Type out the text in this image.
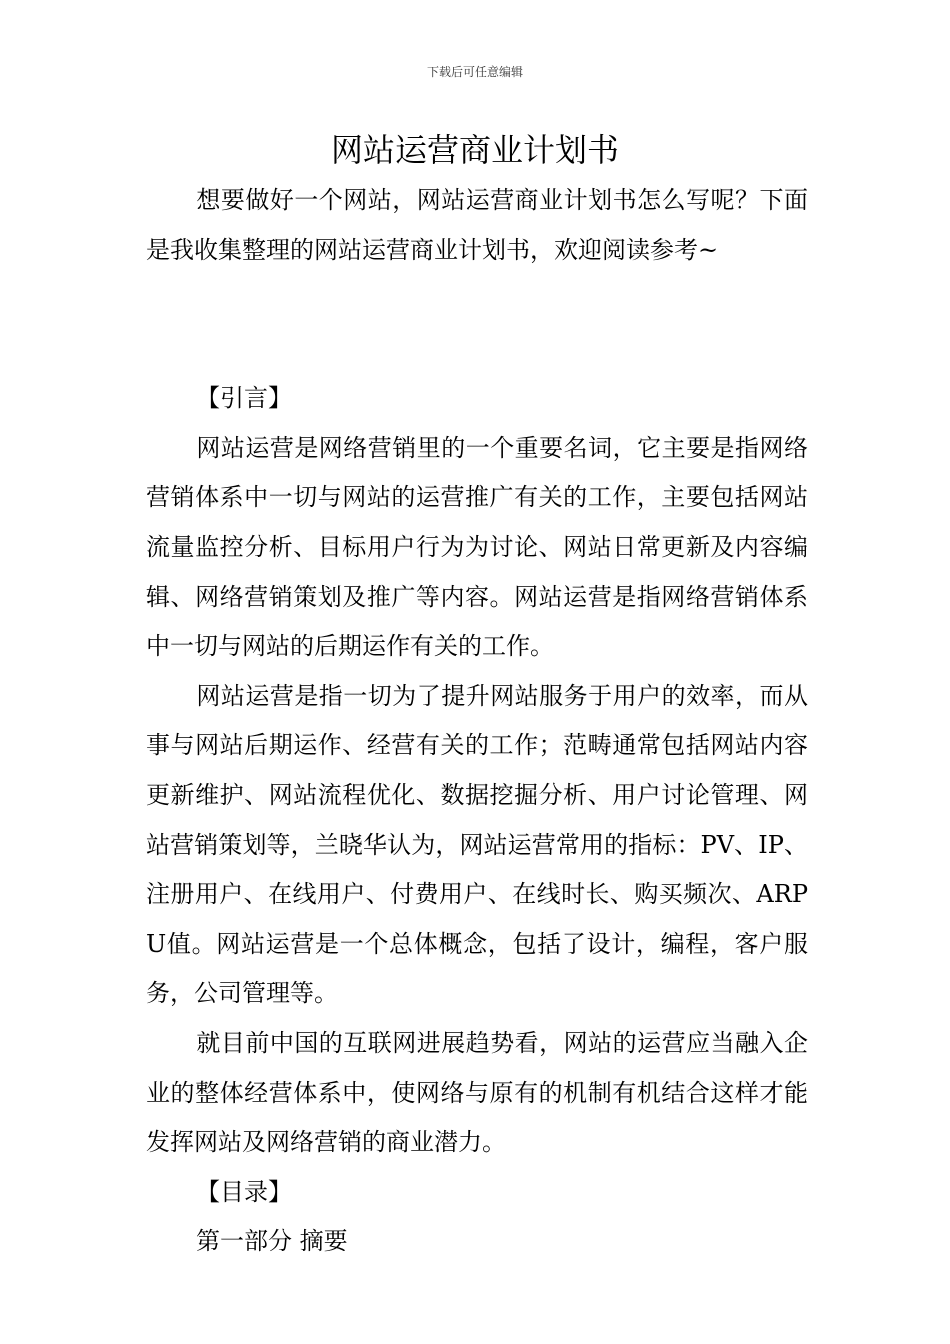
下载后可任意编辑
网站运营商业计划书

想要做好一个网站，网站运营商业计划书怎么写呢？下面是我收集整理的网站运营商业计划书，欢迎阅读参考~

【引言】

网站运营是网络营销里的一个重要名词，它主要是指网络营销体系中一切与网站的运营推广有关的工作，主要包括网站流量监控分析、目标用户行为为讨论、网站日常更新及内容编辑、网络营销策划及推广等内容。网站运营是指网络营销体系中一切与网站的后期运作有关的工作。

网站运营是指一切为了提升网站服务于用户的效率，而从事与网站后期运作、经营有关的工作；范畴通常包括网站内容更新维护、网站流程优化、数据挖掘分析、用户讨论管理、网站营销策划等，兰晓华认为，网站运营常用的指标：PV、IP、注册用户、在线用户、付费用户、在线时长、购买频次、ARPU值。网站运营是一个总体概念，包括了设计，编程，客户服务，公司管理等。

就目前中国的互联网进展趋势看，网站的运营应当融入企业的整体经营体系中，使网络与原有的机制有机结合这样才能发挥网站及网络营销的商业潜力。

【目录】

第一部分 摘要
